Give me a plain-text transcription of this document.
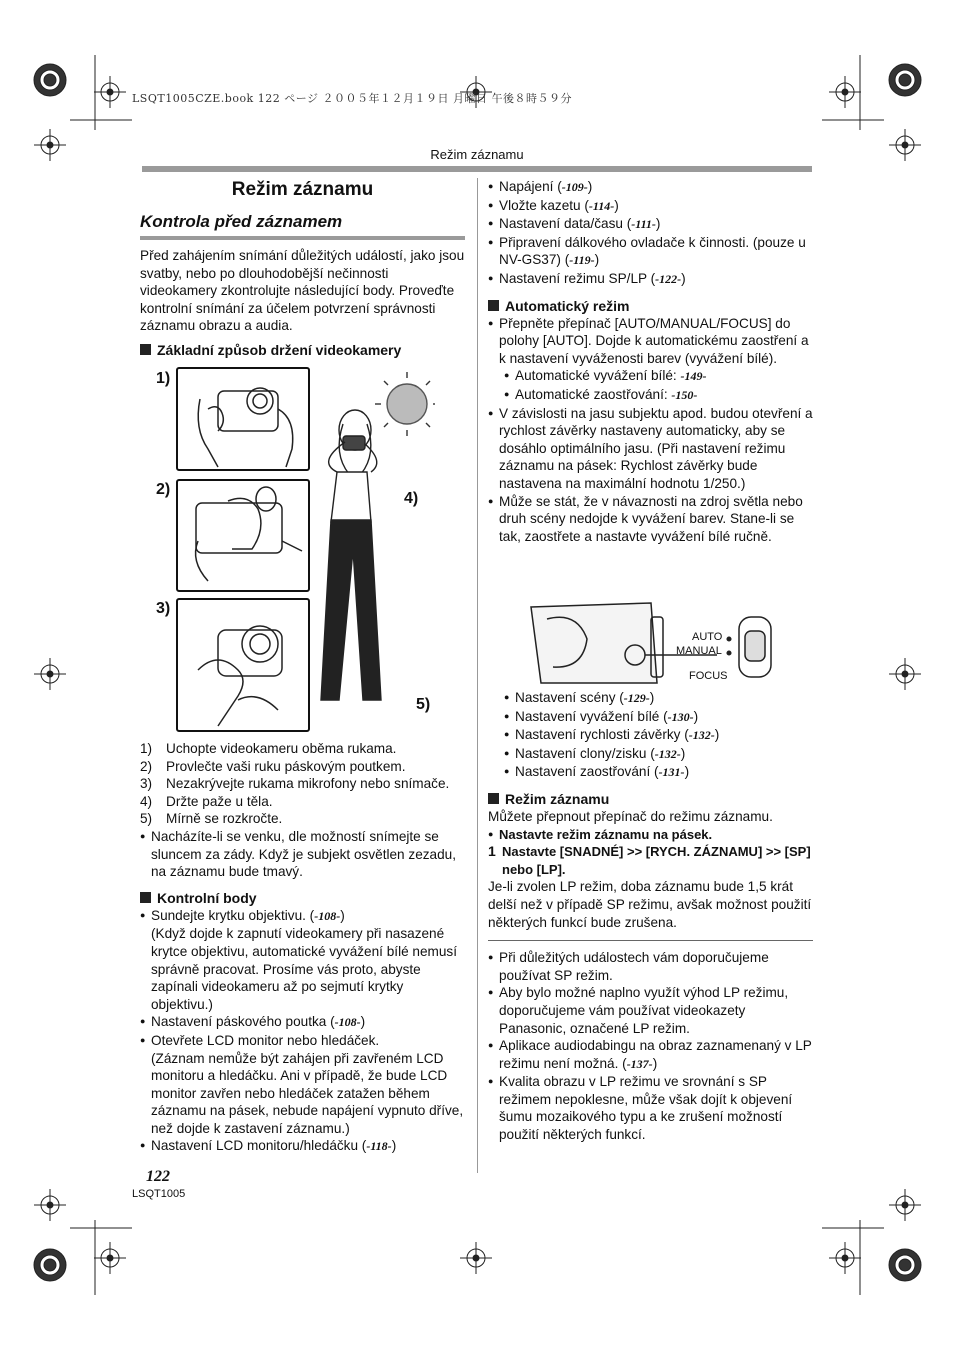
LSQT1005CZE.book 122 ページ ２００５年１２月１９日 月曜日 午後８時５９分
Režim záznamu
Režim záznamu
Kontrola před záznamem

Před zahájením snímání důležitých událostí, jako jsou svatby, nebo po dlouhodobější nečinnosti videokamery zkontrolujte následující body. Proveďte kontrolní snímání za účelem potvrzení správnosti záznamu obrazu a audia.

Základní způsob držení videokamery
1)
2)
3)
4)
5)
1)	Uchopte videokameru oběma rukama.
2)	Provlečte vaši ruku páskovým poutkem.
3)	Nezakrývejte rukama mikrofony nebo snímače.
4)	Držte paže u těla.
5)	Mírně se rozkročte.
● Nacházíte-li se venku, dle možností snímejte se sluncem za zády. Když je subjekt osvětlen zezadu, na záznamu bude tmavý.
Kontrolní body
● Sundejte krytku objektivu. (-108-)
(Když dojde k zapnutí videokamery při nasazené krytce objektivu, automatické vyvážení bílé nemusí správně pracovat. Prosíme vás proto, abyste zapínali videokameru až po sejmutí krytky objektivu.)
● Nastavení páskového poutka (-108-)
● Otevřete LCD monitor nebo hledáček.
(Záznam nemůže být zahájen při zavřeném LCD monitoru a hledáčku. Ani v případě, že bude LCD monitor zavřen nebo hledáček zatažen během záznamu na pásek, nebude napájení vypnuto dříve, než dojde k zastavení záznamu.)
● Nastavení LCD monitoru/hledáčku (-118-)
122
LSQT1005
● Napájení (-109-)
● Vložte kazetu (-114-)
● Nastavení data/času (-111-)
● Připravení dálkového ovladače k činnosti. (pouze u NV-GS37) (-119-)
● Nastavení režimu SP/LP (-122-)
Automatický režim
● Přepněte přepínač [AUTO/MANUAL/FOCUS] do polohy [AUTO]. Dojde k automatickému zaostření a k nastavení vyváženosti barev (vyvážení bílé).
● Automatické vyvážení bílé: -149-
● Automatické zaostřování: -150-
● V závislosti na jasu subjektu apod. budou otevření a rychlost závěrky nastaveny automaticky, aby se dosáhlo optimálního jasu. (Při nastavení režimu záznamu na pásek: Rychlost závěrky bude nastavena na maximální hodnotu 1/250.)
● Může se stát, že v návaznosti na zdroj světla nebo druh scény nedojde k vyvážení barev. Stane-li se tak, zaostřete a nastavte vyvážení bílé ručně.
AUTO
MANUAL
FOCUS
● Nastavení scény (-129-)
● Nastavení vyvážení bílé (-130-)
● Nastavení rychlosti závěrky (-132-)
● Nastavení clony/zisku (-132-)
● Nastavení zaostřování (-131-)
Režim záznamu

Můžete přepnout přepínač do režimu záznamu.

● Nastavte režim záznamu na pásek.
1 Nastavte [SNADNÉ] >> [RYCH. ZÁZNAMU] >> [SP] nebo [LP].

Je-li zvolen LP režim, doba záznamu bude 1,5 krát delší než v případě SP režimu, avšak možnost použití některých funkcí bude zrušena.

● Při důležitých událostech vám doporučujeme používat SP režim.
● Aby bylo možné naplno využít výhod LP režimu, doporučujeme vám používat videokazety Panasonic, označené LP režim.
● Aplikace audiodabingu na obraz zaznamenaný v LP režimu není možná. (-137-)
● Kvalita obrazu v LP režimu ve srovnání s SP režimem nepoklesne, může však dojít k objevení šumu mozaikového typu a ke zrušení možností použití některých funkcí.
